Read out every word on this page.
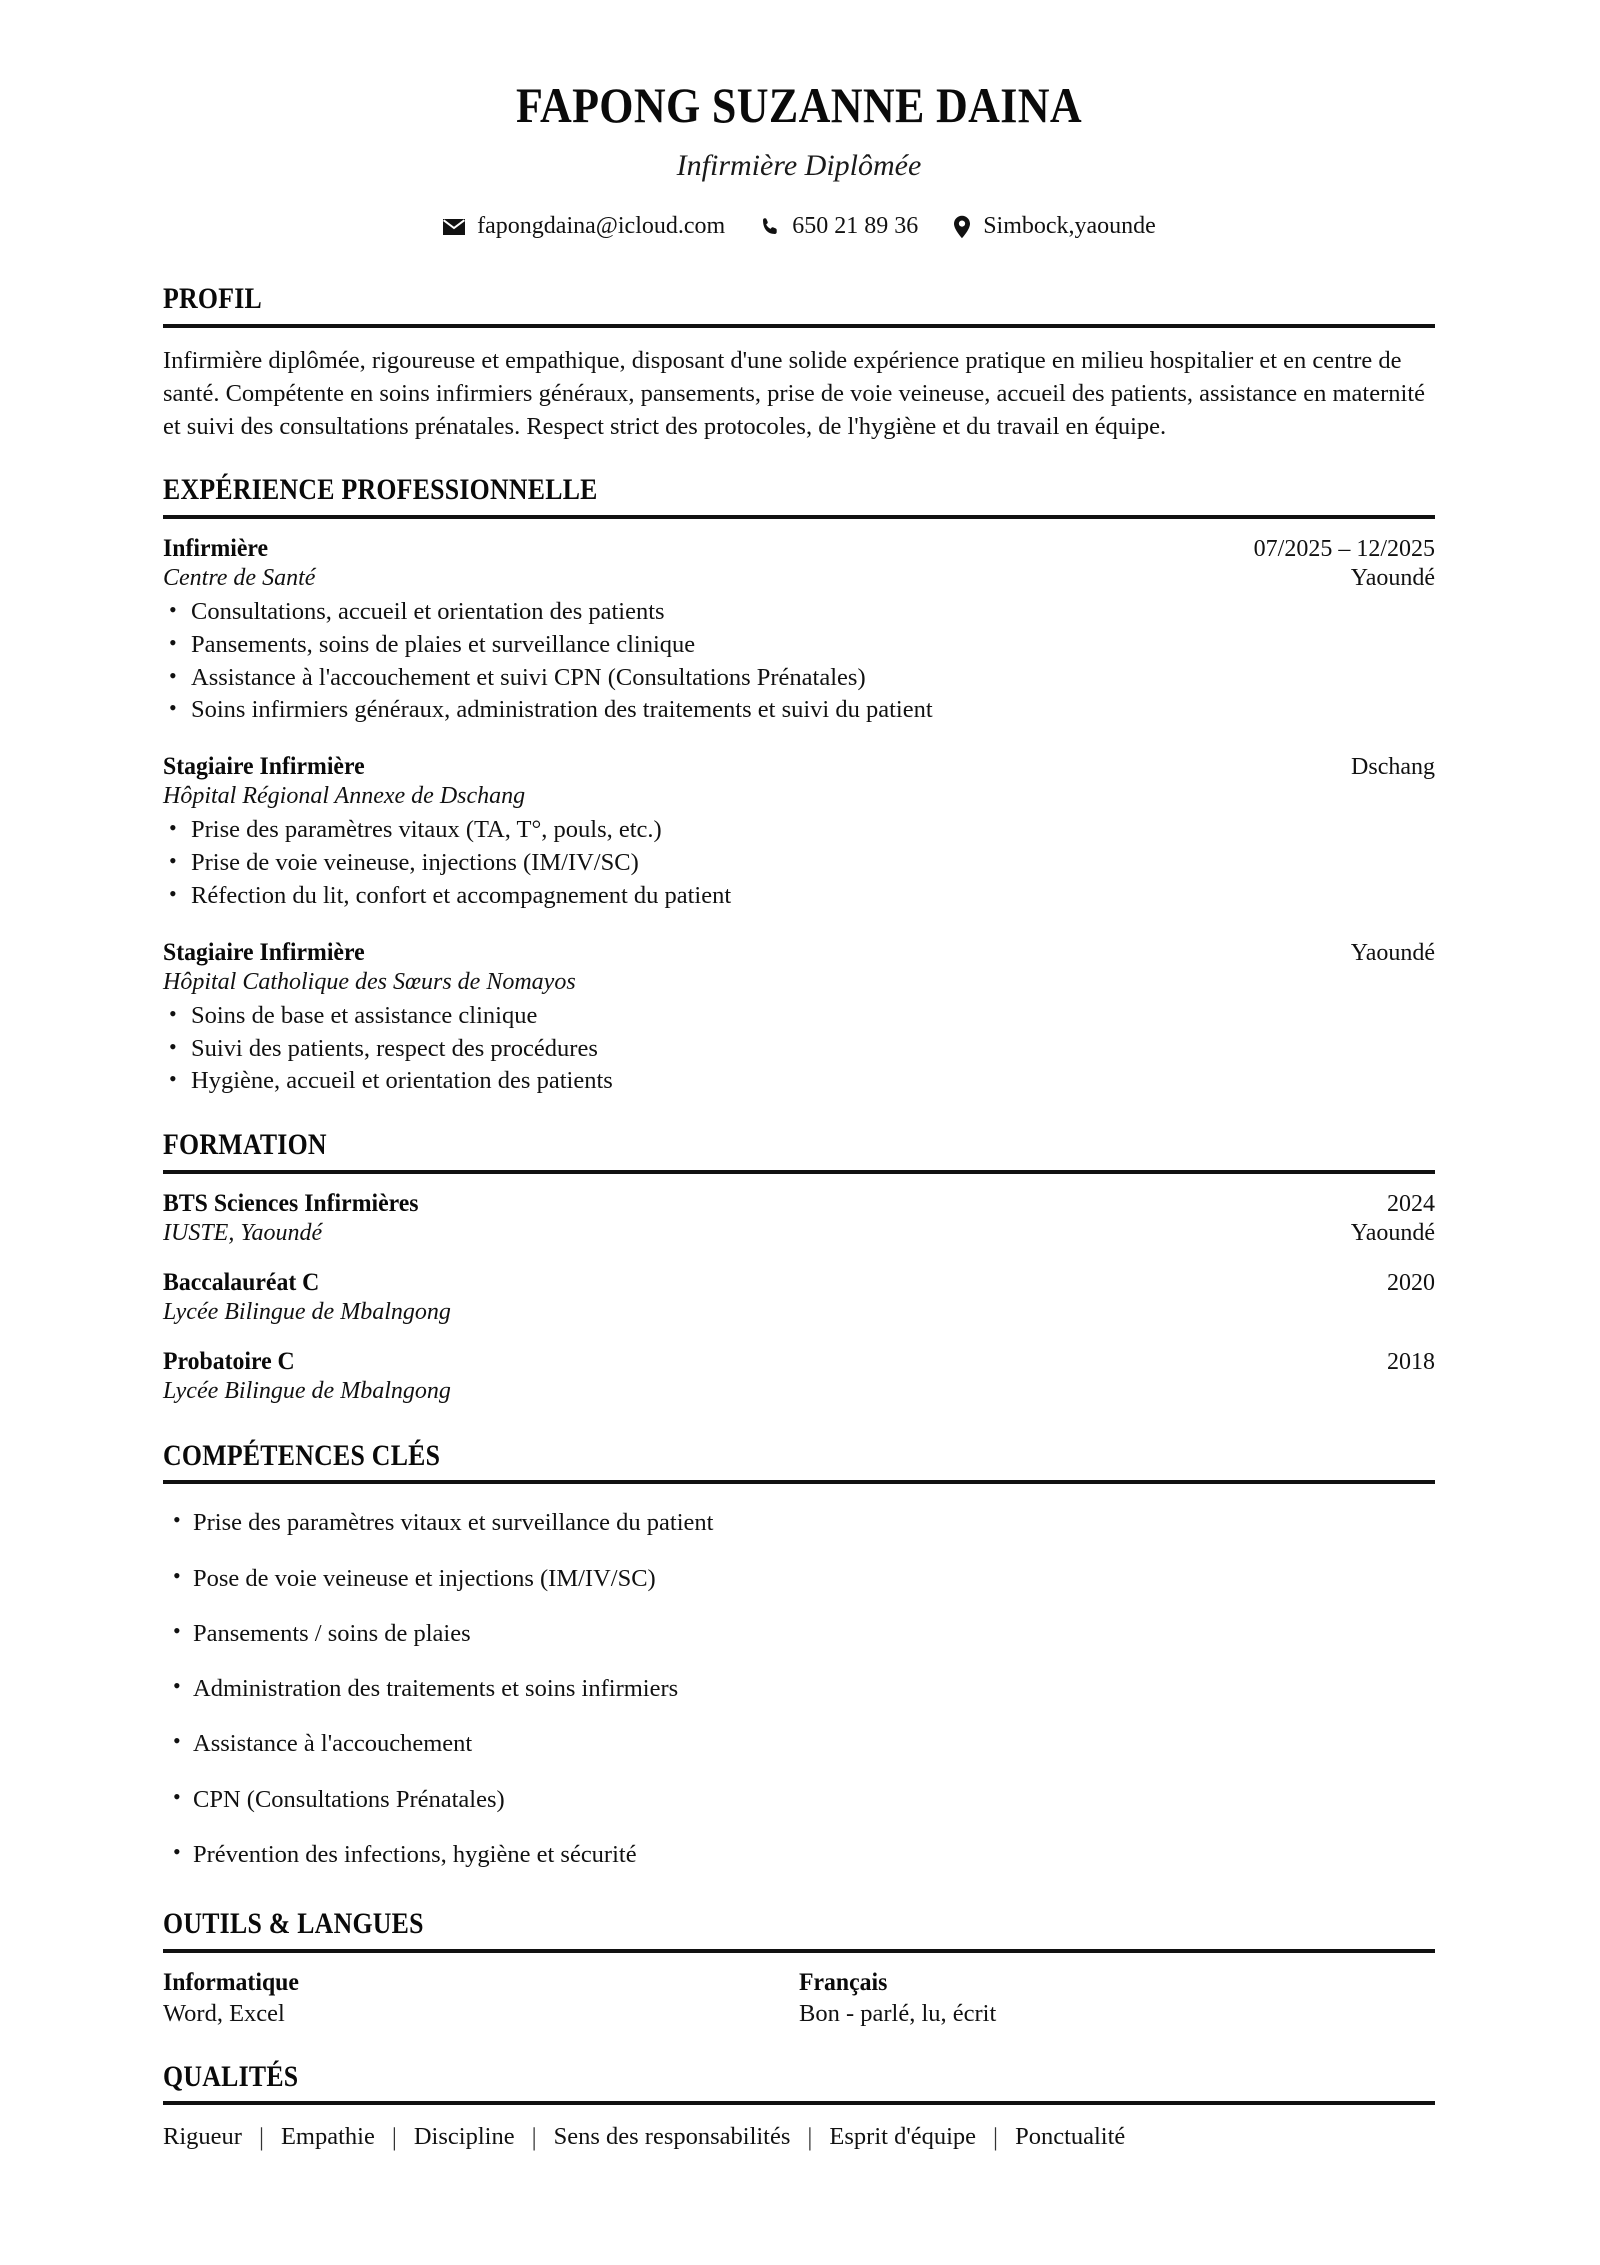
FAPONG SUZANNE DAINA
Infirmière Diplômée
fapongdaina@icloud.com	650 21 89 36	Simbock,yaounde
PROFIL
Infirmière diplômée, rigoureuse et empathique, disposant d'une solide expérience pratique en milieu hospitalier et en centre de santé. Compétente en soins infirmiers généraux, pansements, prise de voie veineuse, accueil des patients, assistance en maternité et suivi des consultations prénatales. Respect strict des protocoles, de l'hygiène et du travail en équipe.
EXPÉRIENCE PROFESSIONNELLE
Infirmière	07/2025 – 12/2025
Centre de Santé	Yaoundé
• Consultations, accueil et orientation des patients
• Pansements, soins de plaies et surveillance clinique
• Assistance à l'accouchement et suivi CPN (Consultations Prénatales)
• Soins infirmiers généraux, administration des traitements et suivi du patient
Stagiaire Infirmière	Dschang
Hôpital Régional Annexe de Dschang
• Prise des paramètres vitaux (TA, T°, pouls, etc.)
• Prise de voie veineuse, injections (IM/IV/SC)
• Réfection du lit, confort et accompagnement du patient
Stagiaire Infirmière	Yaoundé
Hôpital Catholique des Sœurs de Nomayos
• Soins de base et assistance clinique
• Suivi des patients, respect des procédures
• Hygiène, accueil et orientation des patients
FORMATION
BTS Sciences Infirmières	2024
IUSTE, Yaoundé	Yaoundé
Baccalauréat C	2020
Lycée Bilingue de Mbalngong
Probatoire C	2018
Lycée Bilingue de Mbalngong
COMPÉTENCES CLÉS
• Prise des paramètres vitaux et surveillance du patient
• Pose de voie veineuse et injections (IM/IV/SC)
• Pansements / soins de plaies
• Administration des traitements et soins infirmiers
• Assistance à l'accouchement
• CPN (Consultations Prénatales)
• Prévention des infections, hygiène et sécurité
OUTILS & LANGUES
Informatique
Word, Excel
Français
Bon - parlé, lu, écrit
QUALITÉS
Rigueur | Empathie | Discipline | Sens des responsabilités | Esprit d'équipe | Ponctualité
